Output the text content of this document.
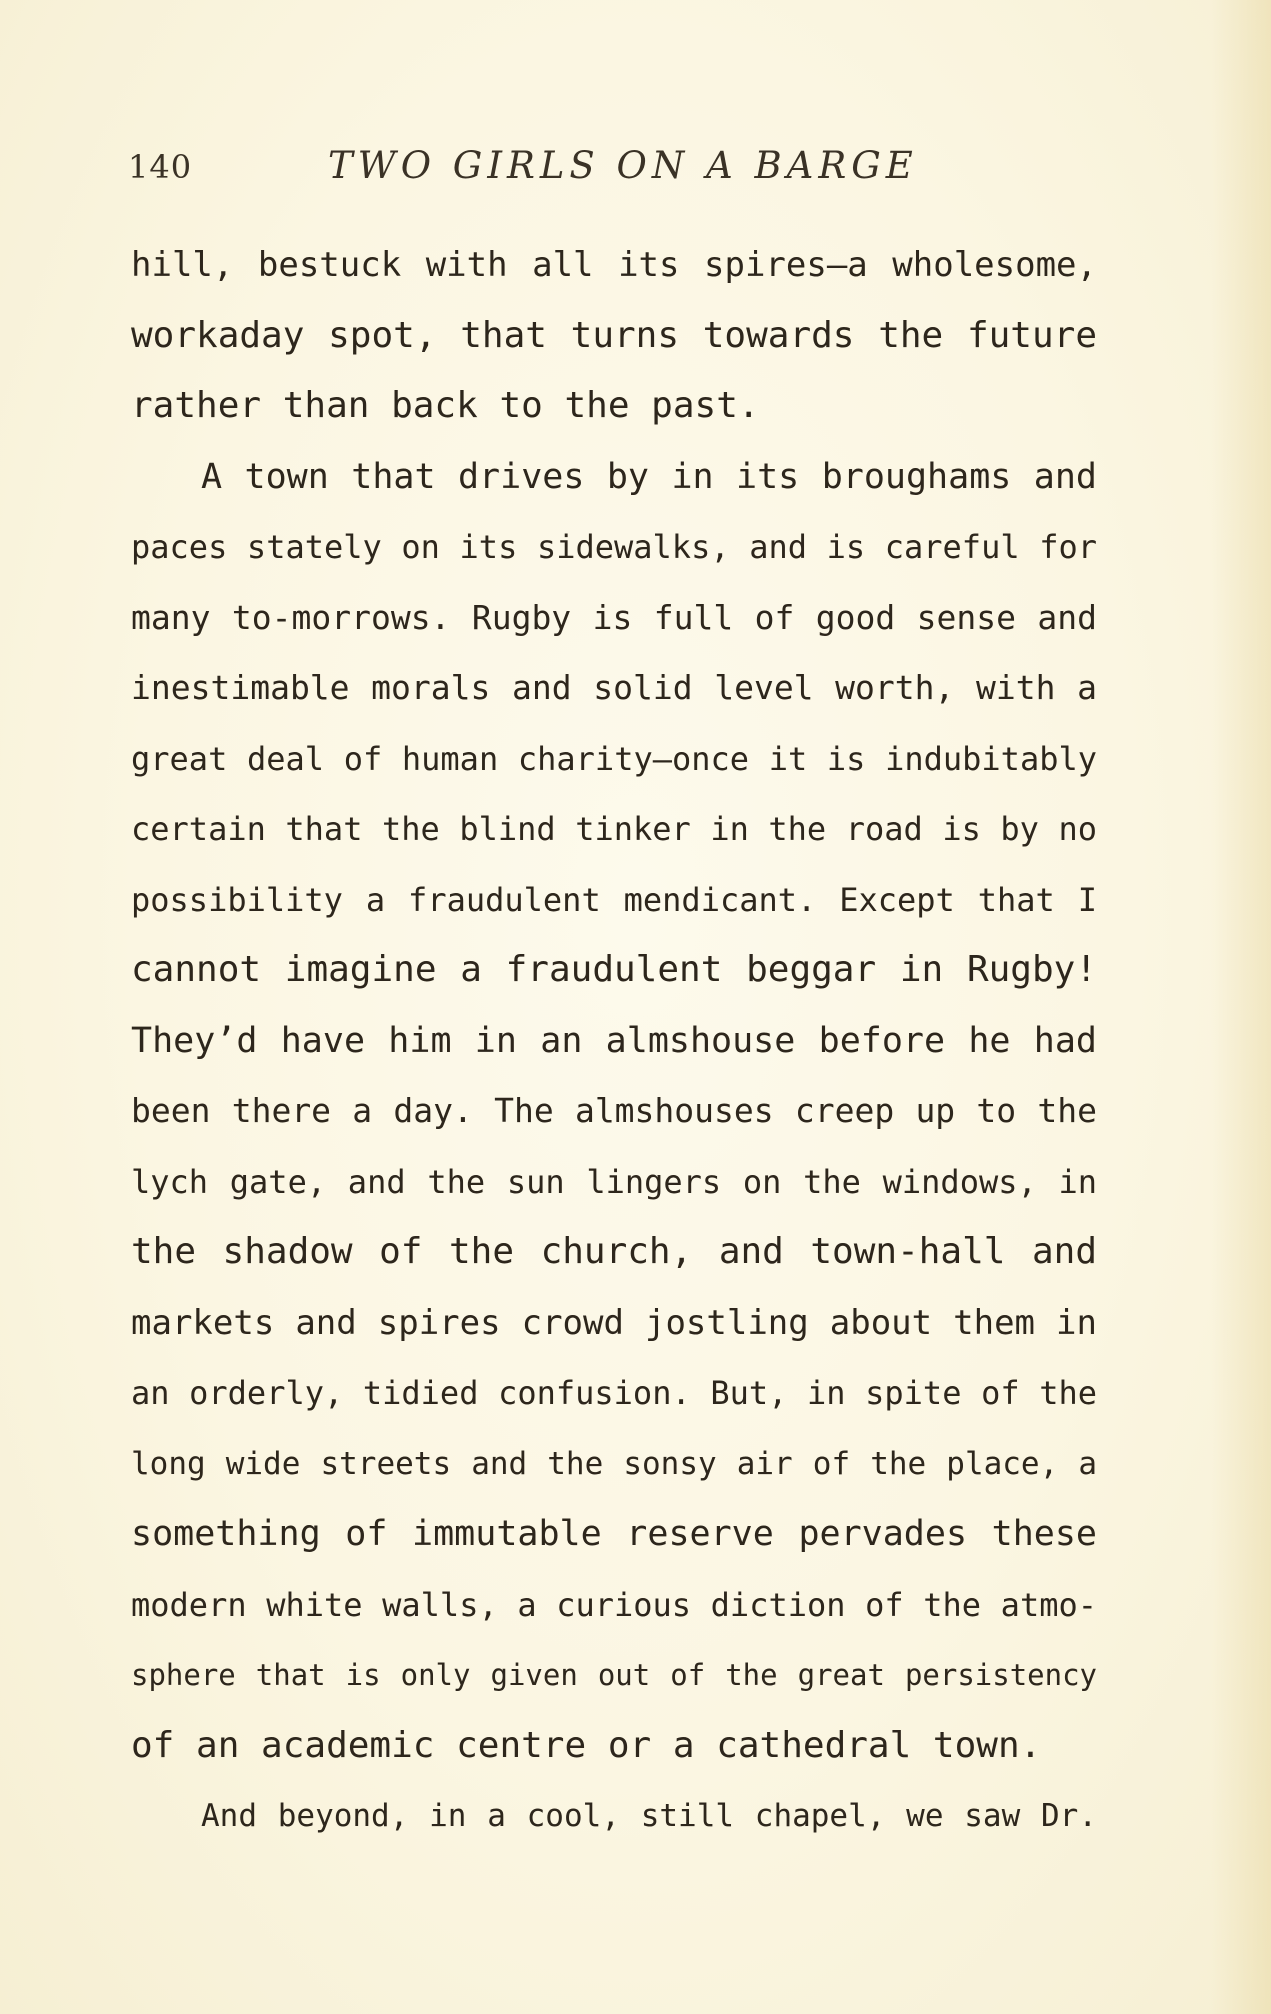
140	TWO GIRLS ON A BARGE
hill, bestuck with all its spires—a wholesome,
workaday spot, that turns towards the future
rather than back to the past.
A town that drives by in its broughams and
paces stately on its sidewalks, and is careful for
many to-morrows. Rugby is full of good sense and
inestimable morals and solid level worth, with a
great deal of human charity—once it is indubitably
certain that the blind tinker in the road is by no
possibility a fraudulent mendicant. Except that I
cannot imagine a fraudulent beggar in Rugby!
They’d have him in an almshouse before he had
been there a day. The almshouses creep up to the
lych gate, and the sun lingers on the windows, in
the shadow of the church, and town-hall and
markets and spires crowd jostling about them in
an orderly, tidied confusion. But, in spite of the
long wide streets and the sonsy air of the place, a
something of immutable reserve pervades these
modern white walls, a curious diction of the atmo-
sphere that is only given out of the great persistency
of an academic centre or a cathedral town.
And beyond, in a cool, still chapel, we saw Dr.
